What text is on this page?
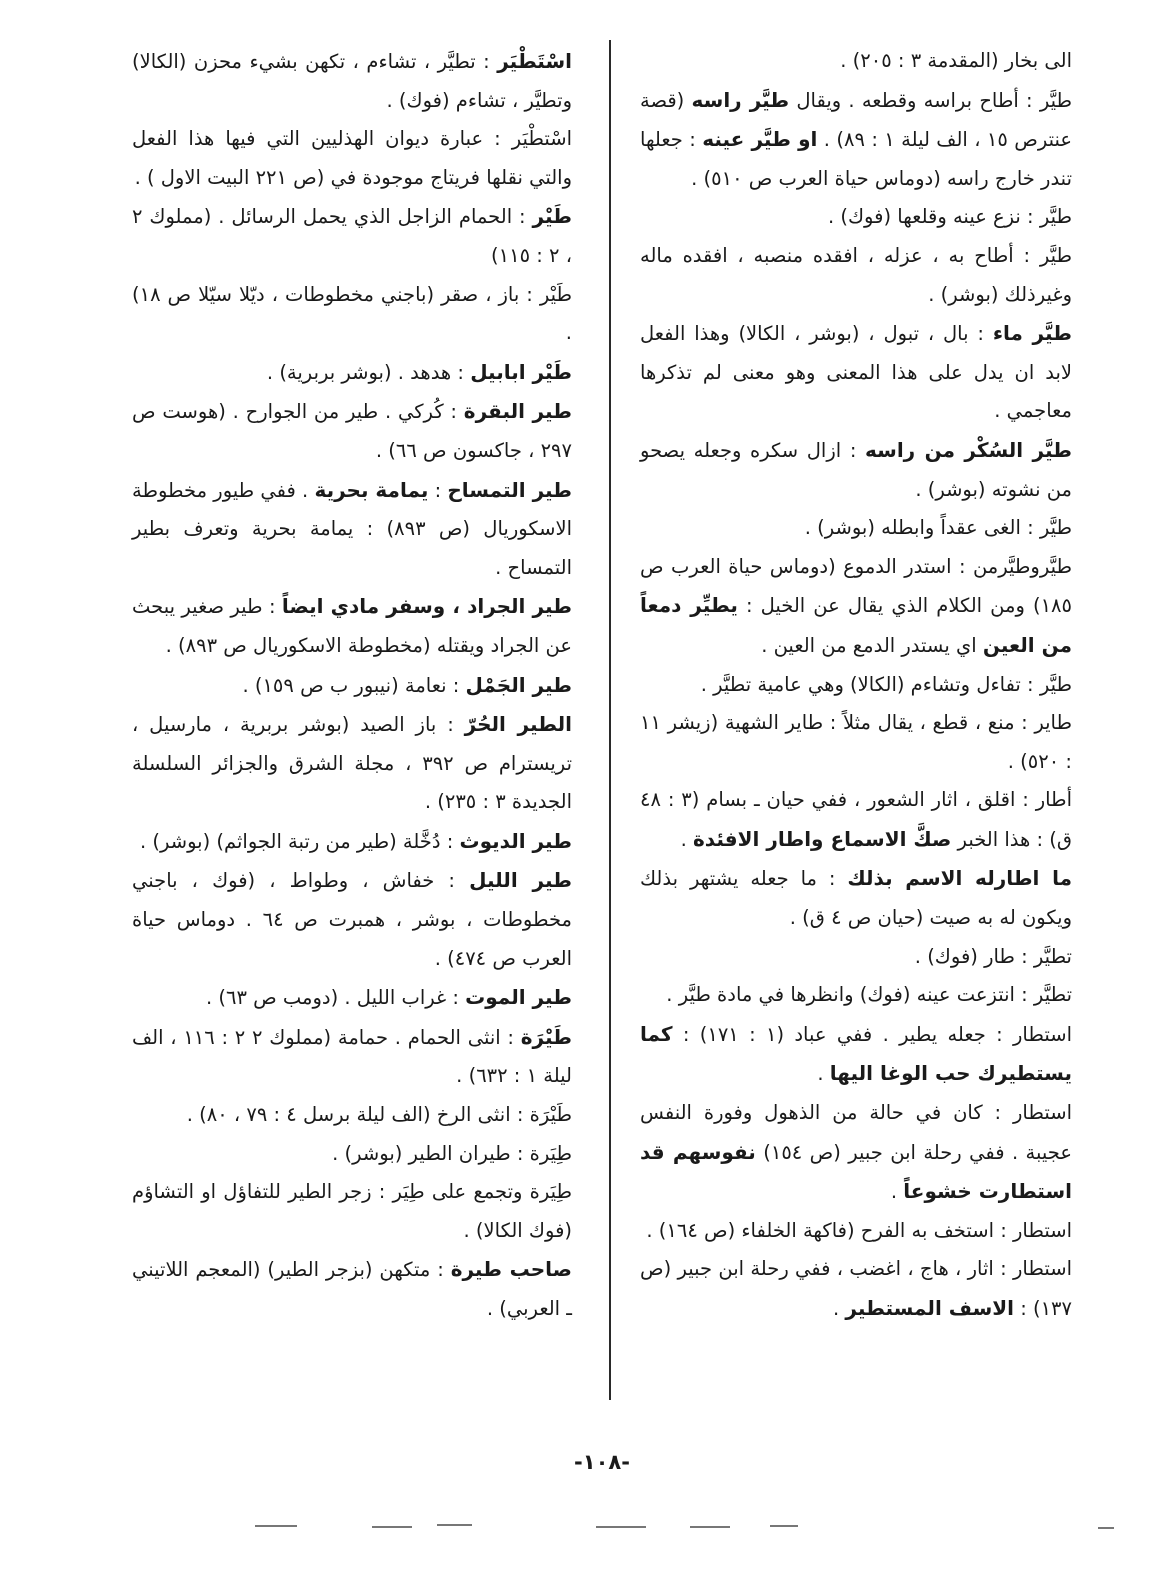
الى بخار (المقدمة ٣ : ٢٠٥) .

طيَّر : أطاح براسه وقطعه . ويقال طيَّر راسه (قصة عنترص ١٥ ، الف ليلة ١ : ٨٩) . او طيَّر عينه : جعلها تندر خارج راسه (دوماس حياة العرب ص ٥١٠) .

طيَّر : نزع عينه وقلعها (فوك) .

طيَّر : أطاح به ، عزله ، افقده منصبه ، افقده ماله وغيرذلك (بوشر) .

طيَّر ماء : بال ، تبول ، (بوشر ، الكالا) وهذا الفعل لابد ان يدل على هذا المعنى وهو معنى لم تذكرها معاجمي .

طيَّر السُكْر من راسه : ازال سكره وجعله يصحو من نشوته (بوشر) .

طيَّر : الغى عقداً وابطله (بوشر) .

طيَّروطيَّرمن : استدر الدموع (دوماس حياة العرب ص ١٨٥) ومن الكلام الذي يقال عن الخيل : يطيِّر دمعاً من العين اي يستدر الدمع من العين .

طيَّر : تفاءل وتشاءم (الكالا) وهي عامية تطيَّر .

طاير : منع ، قطع ، يقال مثلاً : طاير الشهية (زيشر ١١ : ٥٢٠) .

أطار : اقلق ، اثار الشعور ، ففي حيان ـ بسام (٣ : ٤٨ ق) : هذا الخبر صكَّ الاسماع واطار الافئدة .

ما اطارله الاسم بذلك : ما جعله يشتهر بذلك ويكون له به صيت (حيان ص ٤ ق) .

تطيَّر : طار (فوك) .

تطيَّر : انتزعت عينه (فوك) وانظرها في مادة طيَّر .

استطار : جعله يطير . ففي عباد (١ : ١٧١) : كما يستطيرك حب الوغا اليها .

استطار : كان في حالة من الذهول وفورة النفس عجيبة . ففي رحلة ابن جبير (ص ١٥٤) نفوسهم قد استطارت خشوعاً .

استطار : استخف به الفرح (فاكهة الخلفاء (ص ١٦٤) .

استطار : اثار ، هاج ، اغضب ، ففي رحلة ابن جبير (ص ١٣٧) : الاسف المستطير .

اسْتَطْيَر : تطيَّر ، تشاءم ، تكهن بشيء محزن (الكالا) وتطيَّر ، تشاءم (فوك) .

اسْتطْيَر : عبارة ديوان الهذليين التي فيها هذا الفعل والتي نقلها فريتاج موجودة في (ص ٢٢١ البيت الاول ) .

طَيْر : الحمام الزاجل الذي يحمل الرسائل . (مملوك ٢ ، ٢ : ١١٥)

طَيْر : باز ، صقر (باجني مخطوطات ، ديّلا سيّلا ص ١٨) .

طَيْر ابابيل : هدهد . (بوشر بربرية) .

طير البقرة : كُركي . طير من الجوارح . (هوست ص ٢٩٧ ، جاكسون ص ٦٦) .

طير التمساح : يمامة بحرية . ففي طيور مخطوطة الاسكوريال (ص ٨٩٣) : يمامة بحرية وتعرف بطير التمساح .

طير الجراد ، وسفر مادي ايضاً : طير صغير يبحث عن الجراد ويقتله (مخطوطة الاسكوريال ص ٨٩٣) .

طير الجَمْل : نعامة (نيبور ب ص ١٥٩) .

الطير الحُرّ : باز الصيد (بوشر بربرية ، مارسيل ، تريسترام ص ٣٩٢ ، مجلة الشرق والجزائر السلسلة الجديدة ٣ : ٢٣٥) .

طير الديوث : دُخَّلة (طير من رتبة الجواثم) (بوشر) .

طير الليل : خفاش ، وطواط ، (فوك ، باجني مخطوطات ، بوشر ، همبرت ص ٦٤ . دوماس حياة العرب ص ٤٧٤) .

طير الموت : غراب الليل . (دومب ص ٦٣) .

طَيْرَة : انثى الحمام . حمامة (مملوك ٢ ٢ : ١١٦ ، الف ليلة ١ : ٦٣٢) .

طَيْرَة : انثى الرخ (الف ليلة برسل ٤ : ٧٩ ، ٨٠) .

طِيَرة : طيران الطير (بوشر) .

طِيَرة وتجمع على طِيَر : زجر الطير للتفاؤل او التشاؤم (فوك الكالا) .

صاحب طيرة : متكهن (بزجر الطير) (المعجم اللاتيني ـ العربي) .

-١٠٨-
